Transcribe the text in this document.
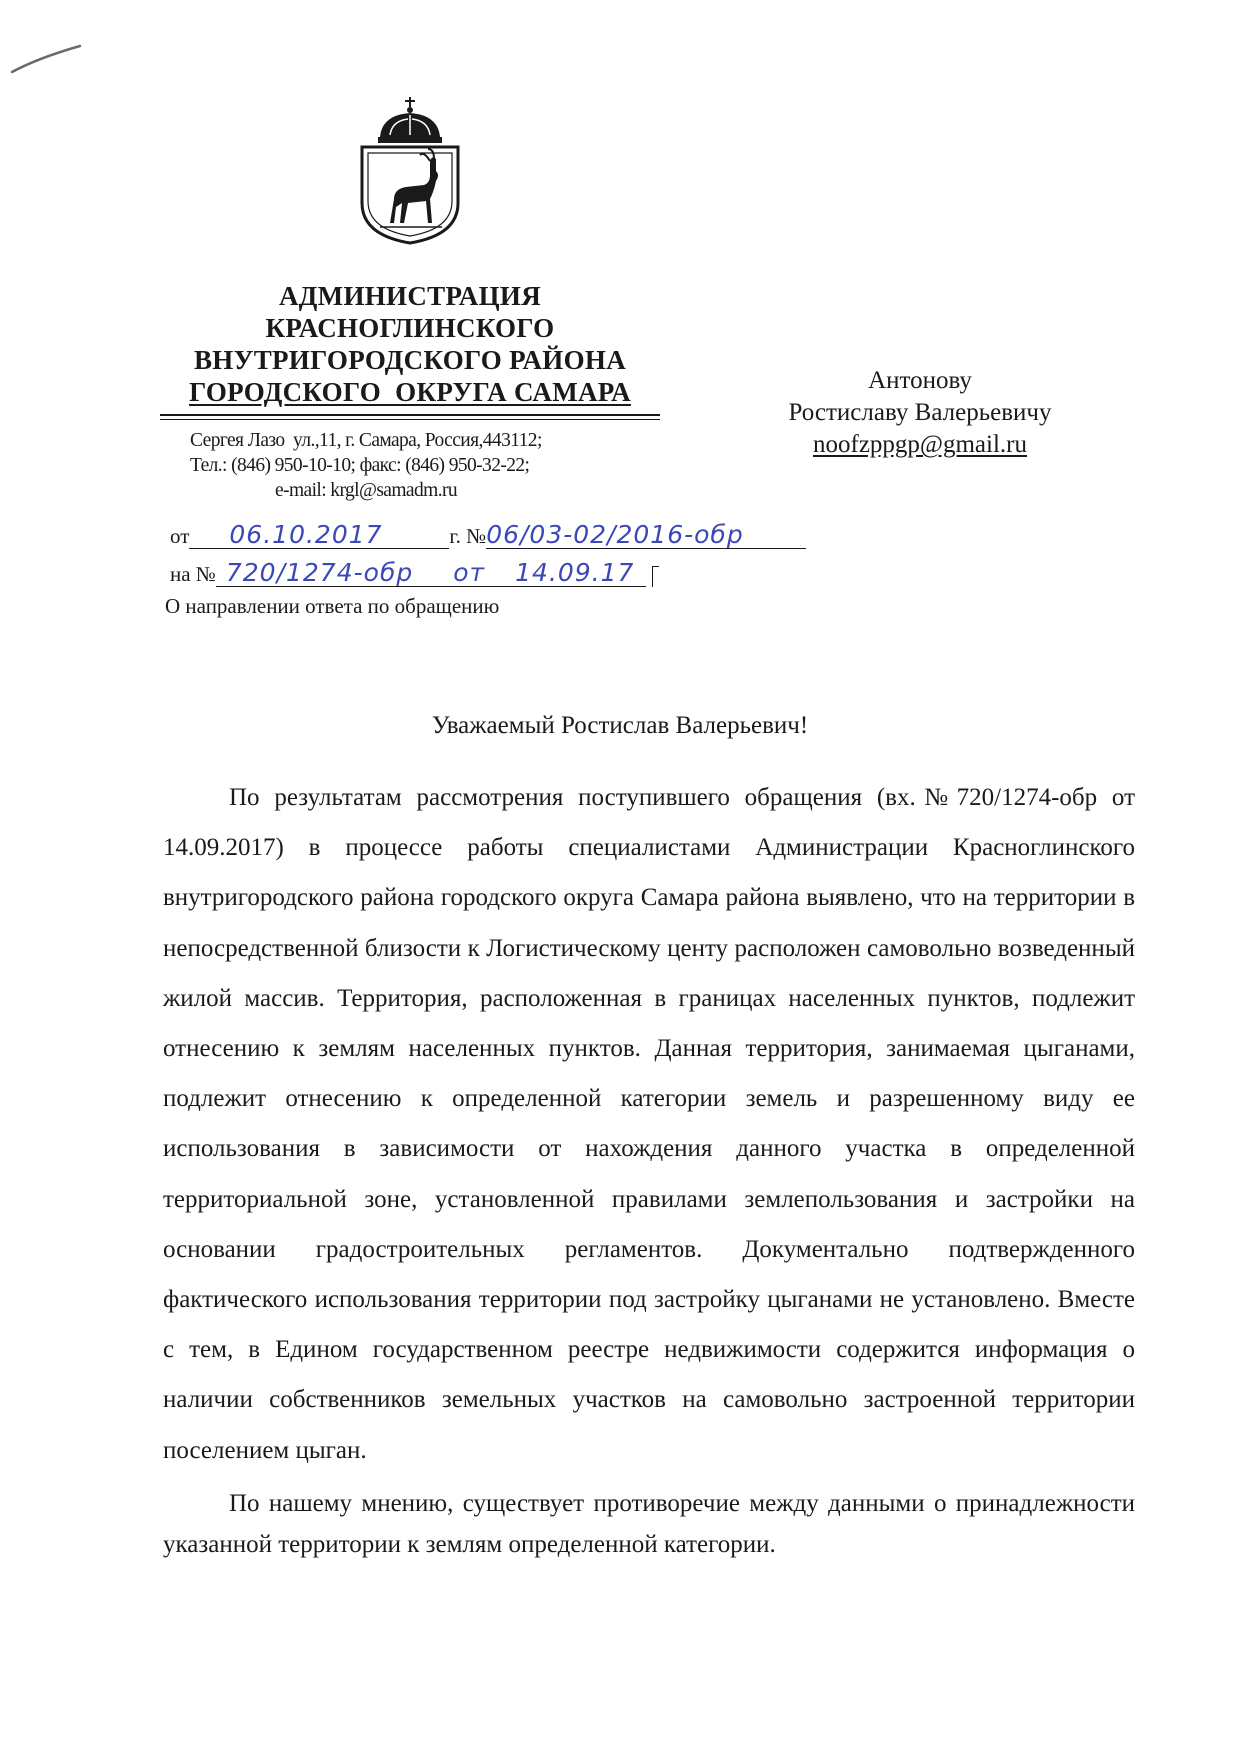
АДМИНИСТРАЦИЯ
КРАСНОГЛИНСКОГО
ВНУТРИГОРОДСКОГО РАЙОНА
ГОРОДСКОГО  ОКРУГА САМАРА
Сергея Лазо  ул.,11, г. Самара, Россия,443112;
Тел.: (846) 950-10-10; факс: (846) 950-32-22;
e-mail: krgl@samadm.ru
Антонову
Ростиславу Валерьевичу
noofzppgp@gmail.ru
от 06.10.2017	г. №06/03-02/2016-обр
на № 720/1274-обр от 14.09.17
О направлении ответа по обращению
Уважаемый Ростислав Валерьевич!

По результатам рассмотрения поступившего обращения (вх.№720/1274-обр от 14.09.2017) в процессе работы специалистами Администрации Красноглинского внутригородского района городского округа Самара района выявлено, что на территории в непосредственной близости к Логистическому центу расположен самовольно возведенный жилой массив. Территория, расположенная в границах населенных пунктов, подлежит отнесению к землям населенных пунктов. Данная территория, занимаемая цыганами, подлежит отнесению к определенной категории земель и разрешенному виду ее использования в зависимости от нахождения данного участка в определенной территориальной зоне, установленной правилами землепользования и застройки на основании градостроительных регламентов. Документально подтвержденного фактического использования территории под застройку цыганами не установлено. Вместе с тем, в Едином государственном реестре недвижимости содержится информация о наличии собственников земельных участков на самовольно застроенной территории поселением цыган.

По нашему мнению, существует противоречие между данными о принадлежности  указанной территории к землям определенной категории.
